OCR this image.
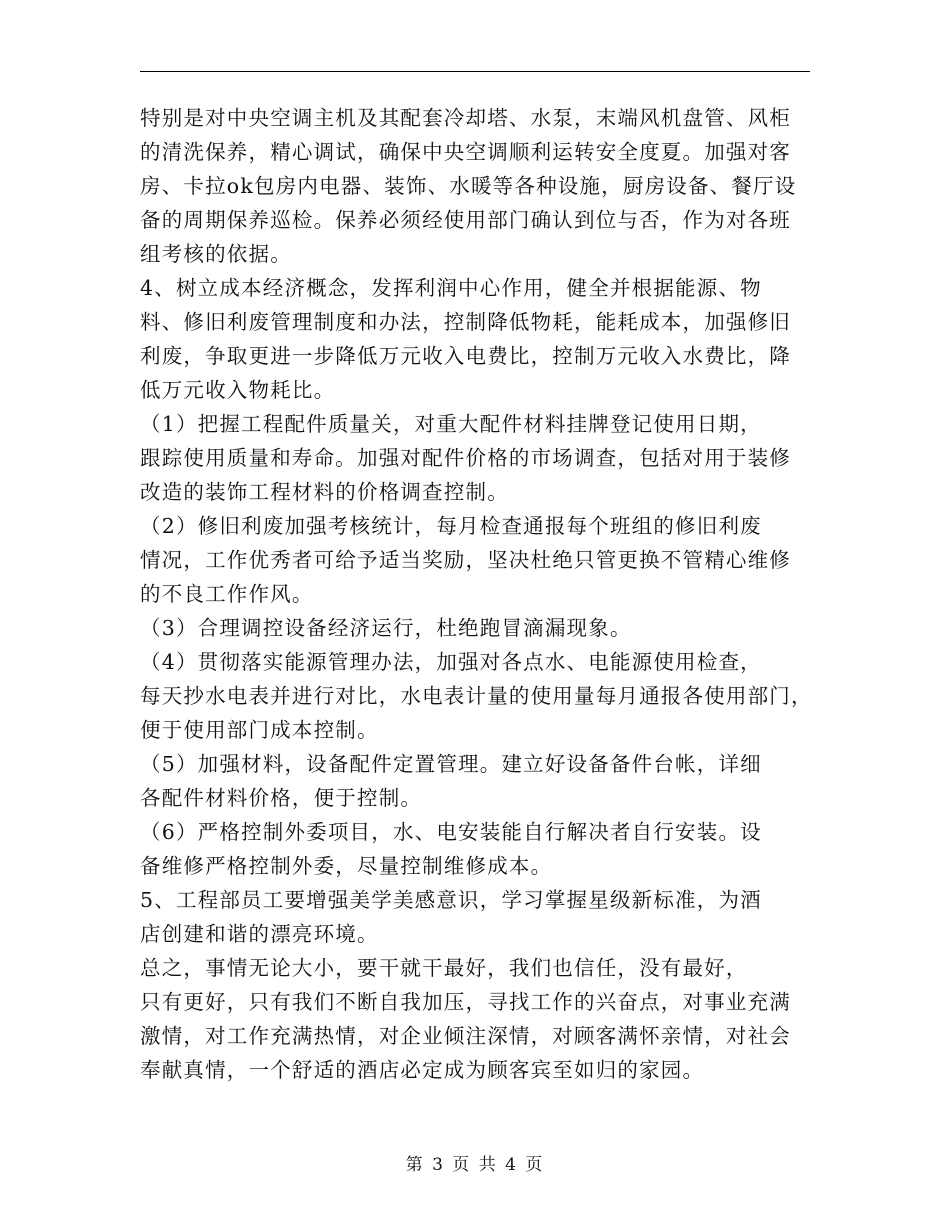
特别是对中央空调主机及其配套冷却塔、水泵，末端风机盘管、风柜

的清洗保养，精心调试，确保中央空调顺利运转安全度夏。加强对客

房、卡拉ok包房内电器、装饰、水暖等各种设施，厨房设备、餐厅设

备的周期保养巡检。保养必须经使用部门确认到位与否，作为对各班

组考核的依据。

4、树立成本经济概念，发挥利润中心作用，健全并根据能源、物

料、修旧利废管理制度和办法，控制降低物耗，能耗成本，加强修旧

利废，争取更进一步降低万元收入电费比，控制万元收入水费比，降

低万元收入物耗比。

（1）把握工程配件质量关，对重大配件材料挂牌登记使用日期，

跟踪使用质量和寿命。加强对配件价格的市场调查，包括对用于装修

改造的装饰工程材料的价格调查控制。

（2）修旧利废加强考核统计，每月检查通报每个班组的修旧利废

情况，工作优秀者可给予适当奖励，坚决杜绝只管更换不管精心维修

的不良工作作风。

（3）合理调控设备经济运行，杜绝跑冒滴漏现象。

（4）贯彻落实能源管理办法，加强对各点水、电能源使用检查，

每天抄水电表并进行对比，水电表计量的使用量每月通报各使用部门，

便于使用部门成本控制。

（5）加强材料，设备配件定置管理。建立好设备备件台帐，详细

各配件材料价格，便于控制。

（6）严格控制外委项目，水、电安装能自行解决者自行安装。设

备维修严格控制外委，尽量控制维修成本。

5、工程部员工要增强美学美感意识，学习掌握星级新标准，为酒

店创建和谐的漂亮环境。

总之，事情无论大小，要干就干最好，我们也信任，没有最好，

只有更好，只有我们不断自我加压，寻找工作的兴奋点，对事业充满

激情，对工作充满热情，对企业倾注深情，对顾客满怀亲情，对社会

奉献真情，一个舒适的酒店必定成为顾客宾至如归的家园。

第 3 页 共 4 页
